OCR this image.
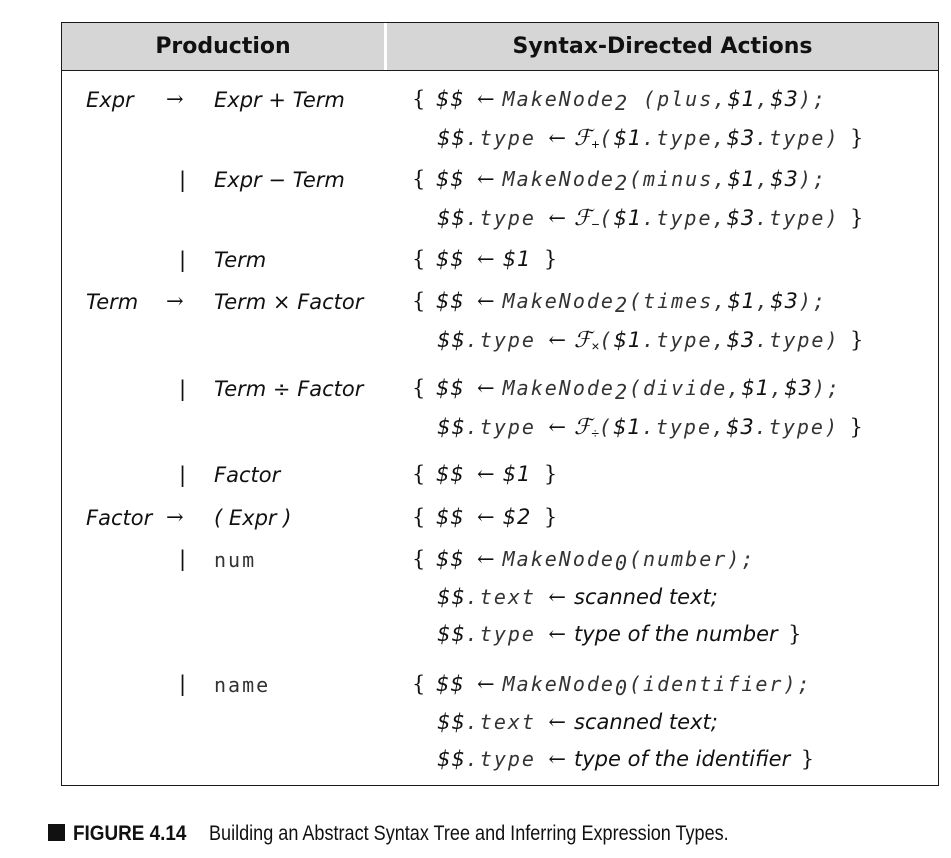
Production	Syntax-Directed Actions
Expr → Expr + Term
| Expr − Term
| Term
Term → Term × Factor
| Term ÷ Factor
| Factor
Factor → ( Expr )
| num
| name
{ $$ ← MakeNode$_2$ (plus,$1,$3);
$$.type ← ℱ$_+$($1.type,$3.type) }
{ $$ ← MakeNode$_2$(minus,$1,$3);
$$.type ← ℱ$_-$($1.type,$3.type) }
{ $$ ← $1 }
{ $$ ← MakeNode$_2$(times,$1,$3);
$$.type ← ℱ$_\times$($1.type,$3.type) }
{ $$ ← MakeNode$_2$(divide,$1,$3);
$$.type ← ℱ$_\div$($1.type,$3.type) }
{ $$ ← $1 }
{ $$ ← $2 }
{ $$ ← MakeNode$_0$(number);
$$.text ← scanned text;
$$.type ← type of the number }
{ $$ ← MakeNode$_0$(identifier);
$$.text ← scanned text;
$$.type ← type of the identifier }
FIGURE 4.14 Building an Abstract Syntax Tree and Inferring Expression Types.
